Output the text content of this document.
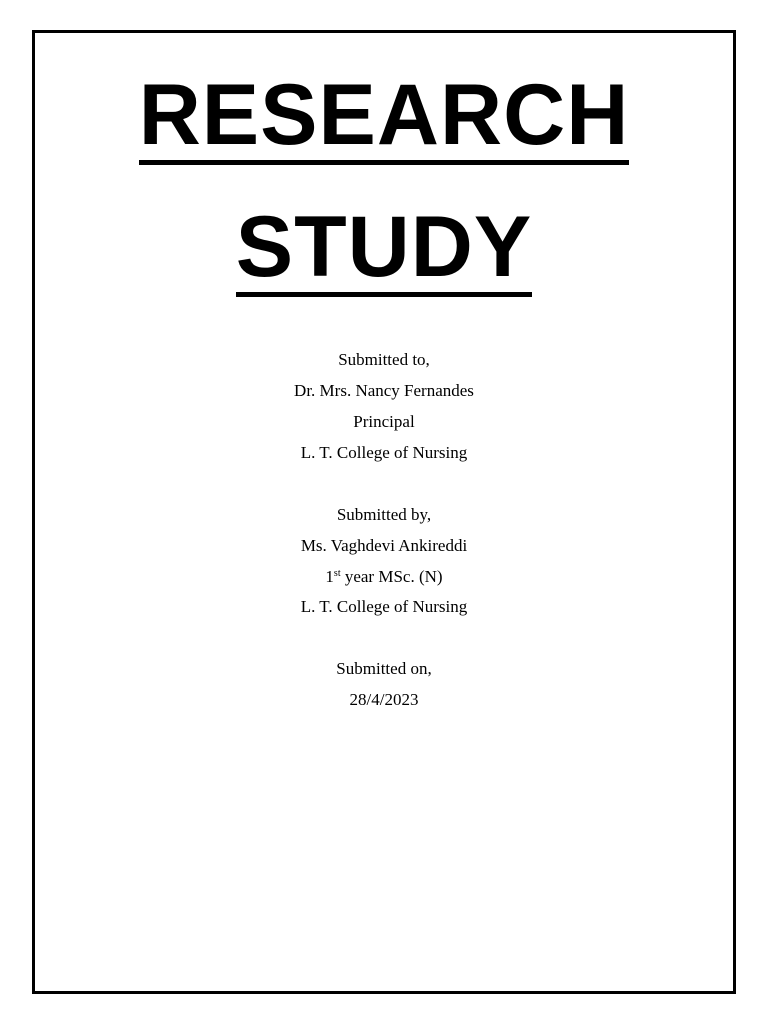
RESEARCH
STUDY
Submitted to,
Dr. Mrs. Nancy Fernandes
Principal
L. T. College of Nursing
Submitted by,
Ms. Vaghdevi Ankireddi
1st year MSc. (N)
L. T. College of Nursing
Submitted on,
28/4/2023
